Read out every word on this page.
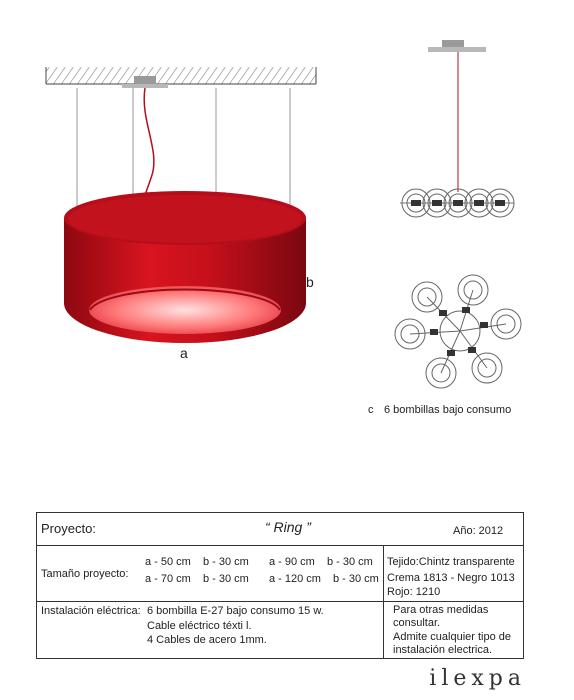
a
b
c 6 bombillas bajo consumo
Proyecto:	“ Ring ”	Año: 2012
Tamaño proyecto:
a - 50 cm b - 30 cm a - 90 cm b - 30 cm
a - 70 cm b - 30 cm a - 120 cm b - 30 cm
Tejido:Chintz transparente
Crema 1813 - Negro 1013
Rojo: 1210
Instalación eléctrica: 6 bombilla E-27 bajo consumo 15 w.
Cable eléctrico téxti l.
4 Cables de acero 1mm.
Para otras medidas
consultar.
Admite cualquier tipo de
instalación electrica.
ilexpa
